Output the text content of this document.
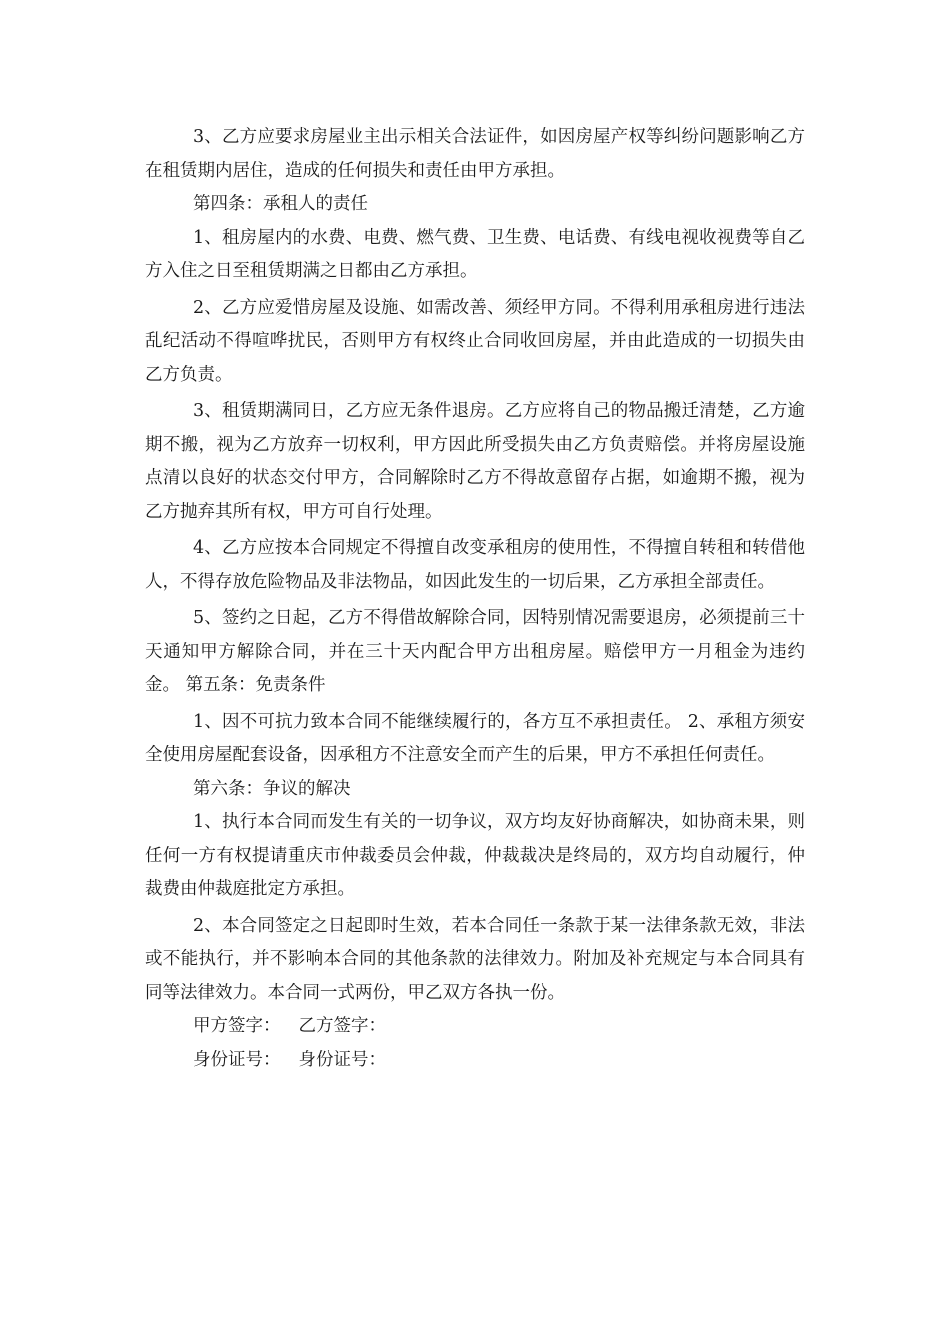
3、乙方应要求房屋业主出示相关合法证件，如因房屋产权等纠纷问题影响乙方在租赁期内居住，造成的任何损失和责任由甲方承担。

第四条：承租人的责任

1、租房屋内的水费、电费、燃气费、卫生费、电话费、有线电视收视费等自乙方入住之日至租赁期满之日都由乙方承担。

2、乙方应爱惜房屋及设施、如需改善、须经甲方同。不得利用承租房进行违法乱纪活动不得喧哗扰民，否则甲方有权终止合同收回房屋，并由此造成的一切损失由乙方负责。

3、租赁期满同日，乙方应无条件退房。乙方应将自己的物品搬迁清楚，乙方逾期不搬，视为乙方放弃一切权利，甲方因此所受损失由乙方负责赔偿。并将房屋设施点清以良好的状态交付甲方，合同解除时乙方不得故意留存占据，如逾期不搬，视为乙方抛弃其所有权，甲方可自行处理。

4、乙方应按本合同规定不得擅自改变承租房的使用性，不得擅自转租和转借他人，不得存放危险物品及非法物品，如因此发生的一切后果，乙方承担全部责任。

5、签约之日起，乙方不得借故解除合同，因特别情况需要退房，必须提前三十天通知甲方解除合同，并在三十天内配合甲方出租房屋。赔偿甲方一月租金为违约金。 第五条：免责条件

1、因不可抗力致本合同不能继续履行的，各方互不承担责任。 2、承租方须安全使用房屋配套设备，因承租方不注意安全而产生的后果，甲方不承担任何责任。

第六条：争议的解决

1、执行本合同而发生有关的一切争议，双方均友好协商解决，如协商未果，则任何一方有权提请重庆市仲裁委员会仲裁，仲裁裁决是终局的，双方均自动履行，仲裁费由仲裁庭批定方承担。

2、本合同签定之日起即时生效，若本合同任一条款于某一法律条款无效，非法或不能执行，并不影响本合同的其他条款的法律效力。附加及补充规定与本合同具有同等法律效力。本合同一式两份，甲乙双方各执一份。

甲方签字： 乙方签字：
身份证号： 身份证号：
